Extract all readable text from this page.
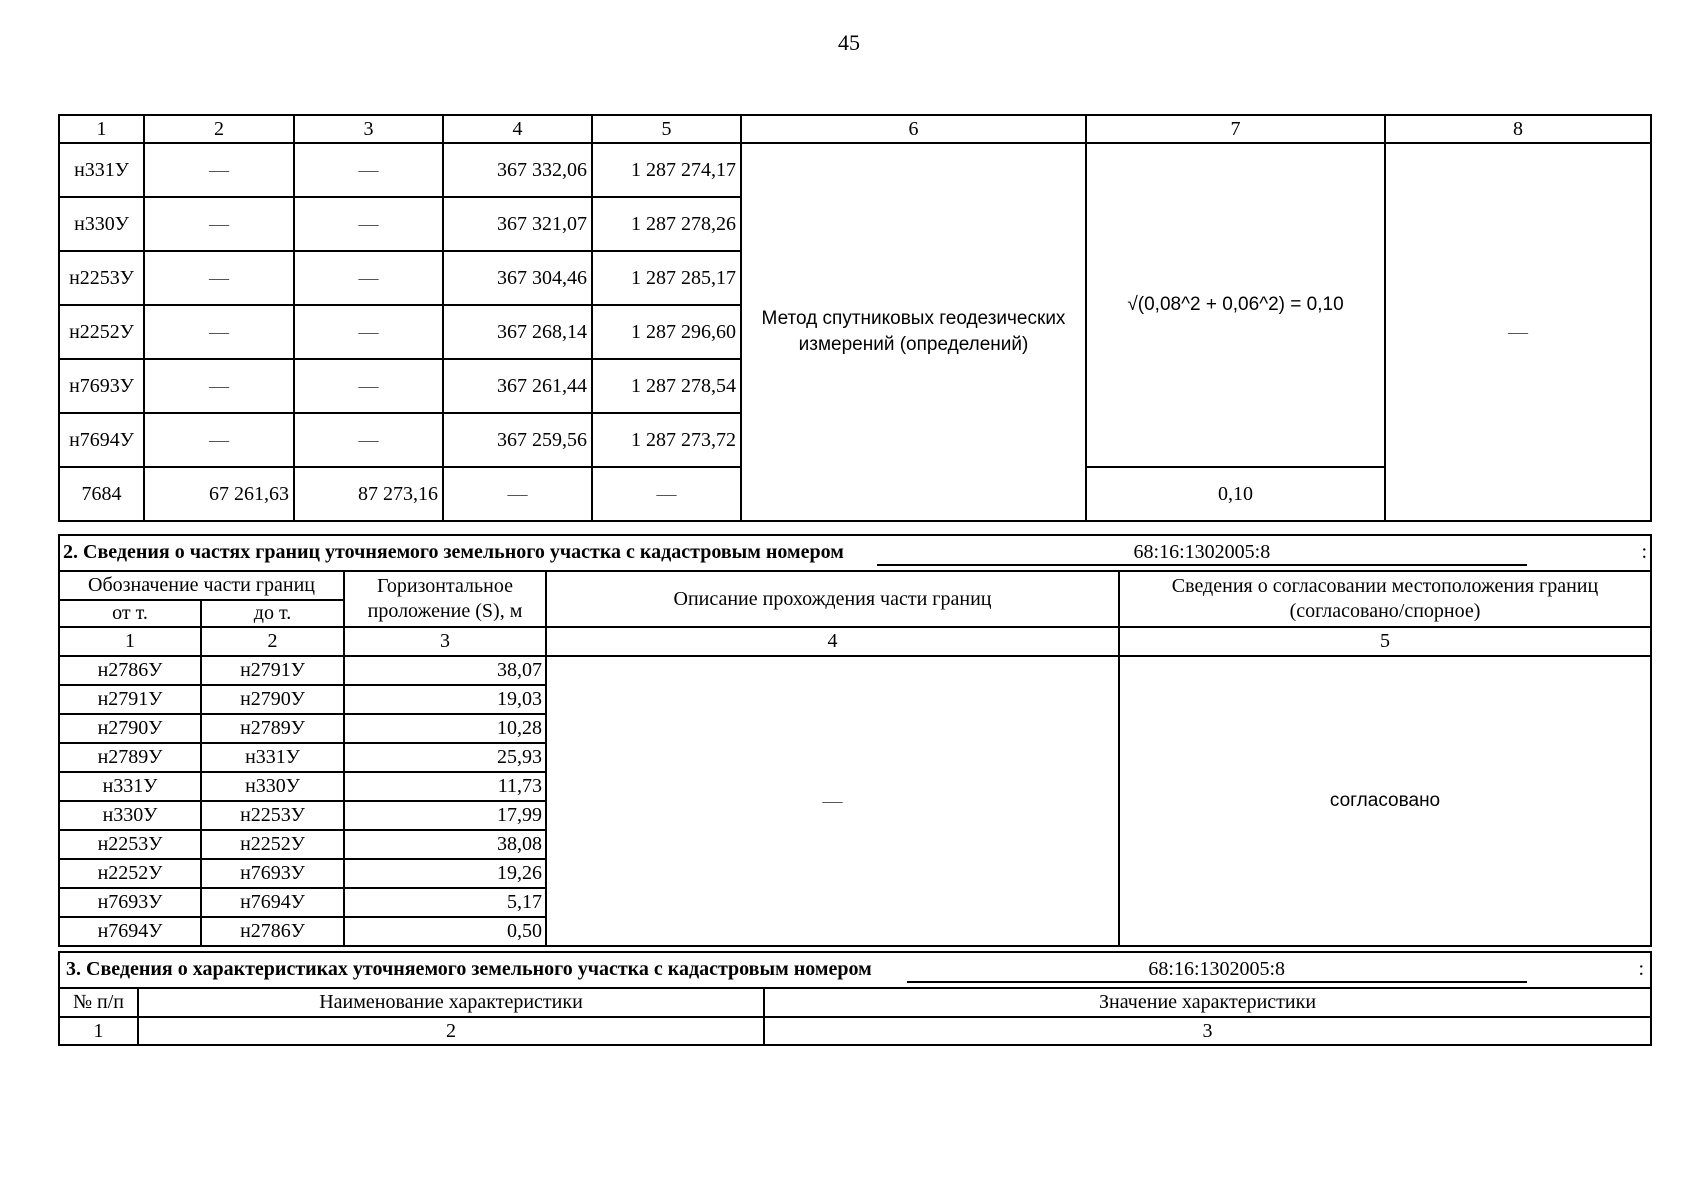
45
1	2	3	4	5	6	7	8
н331У	—	—	367 332,06	1 287 274,17	Метод спутниковых геодезических измерений (определений)	√(0,08^2 + 0,06^2) = 0,10	—
н330У	—	—	367 321,07	1 287 278,26			
н2253У	—	—	367 304,46	1 287 285,17			
н2252У	—	—	367 268,14	1 287 296,60			
н7693У	—	—	367 261,44	1 287 278,54			
н7694У	—	—	367 259,56	1 287 273,72			
7684	67 261,63	87 273,16	—	—		0,10	
2. Сведения о частях границ уточняемого земельного участка с кадастровым номером 68:16:1302005:8 :				

Обозначение части границ		Горизонтальное проложение (S), м	Описание прохождения части границ	Сведения о согласовании местоположения границ (согласовано/спорное)
от т.	до т.			
1	2	3	4	5
н2786У	н2791У	38,07	—	согласовано
н2791У	н2790У	19,03		
н2790У	н2789У	10,28		
н2789У	н331У	25,93		
н331У	н330У	11,73		
н330У	н2253У	17,99		
н2253У	н2252У	38,08		
н2252У	н7693У	19,26		
н7693У	н7694У	5,17		
н7694У	н2786У	0,50		
3. Сведения о характеристиках уточняемого земельного участка с кадастровым номером 68:16:1302005:8 :		

№ п/п	Наименование характеристики	Значение характеристики
1	2	3
